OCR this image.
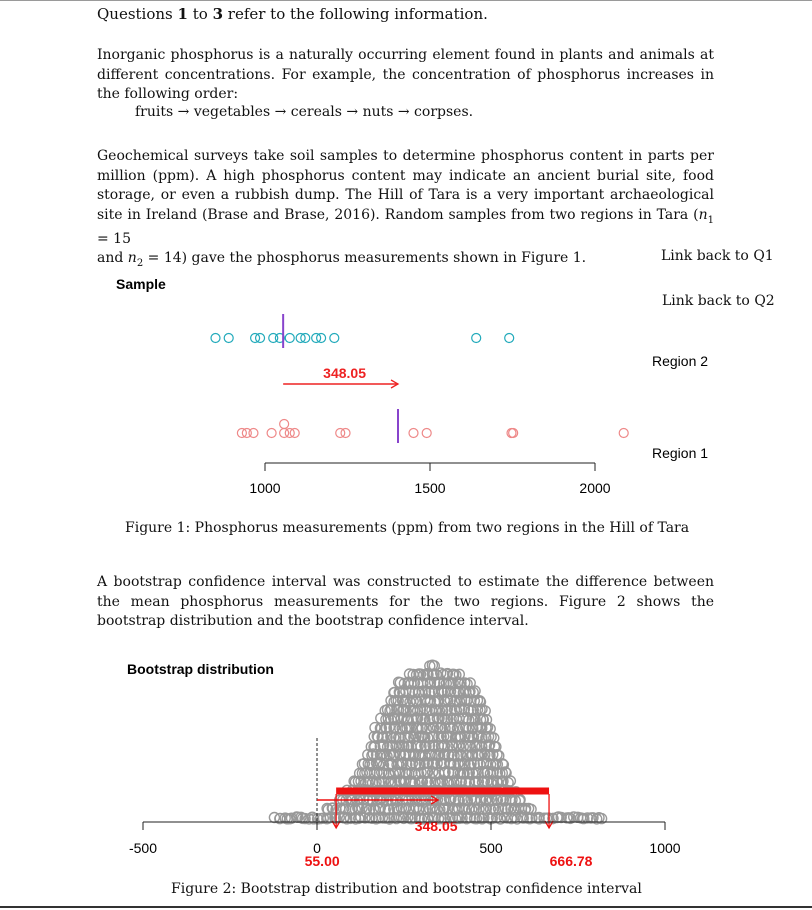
Questions 1 to 3 refer to the following information.
Inorganic phosphorus is a naturally occurring element found in plants and animals at different concentrations. For example, the concentration of phosphorus increases in the following order:
fruits → vegetables → cereals → nuts → corpses.
Geochemical surveys take soil samples to determine phosphorus content in parts per million (ppm). A high phosphorus content may indicate an ancient burial site, food storage, or even a rubbish dump. The Hill of Tara is a very important archaeological site in Ireland (Brase and Brase, 2016). Random samples from two regions in Tara ($n_1 = 15$
and $n_2 = 14$) gave the phosphorus measurements shown in Figure 1.	Link back to Q1
Link back to Q2
Sample
Region 2
Region 1
348.05
1000	1500	2000
Figure 1: Phosphorus measurements (ppm) from two regions in the Hill of Tara
A bootstrap confidence interval was constructed to estimate the difference between the mean phosphorus measurements for the two regions. Figure 2 shows the bootstrap distribution and the bootstrap confidence interval.
Bootstrap distribution
348.05
55.00	666.78
-500	0	500	1000
Figure 2: Bootstrap distribution and bootstrap confidence interval
